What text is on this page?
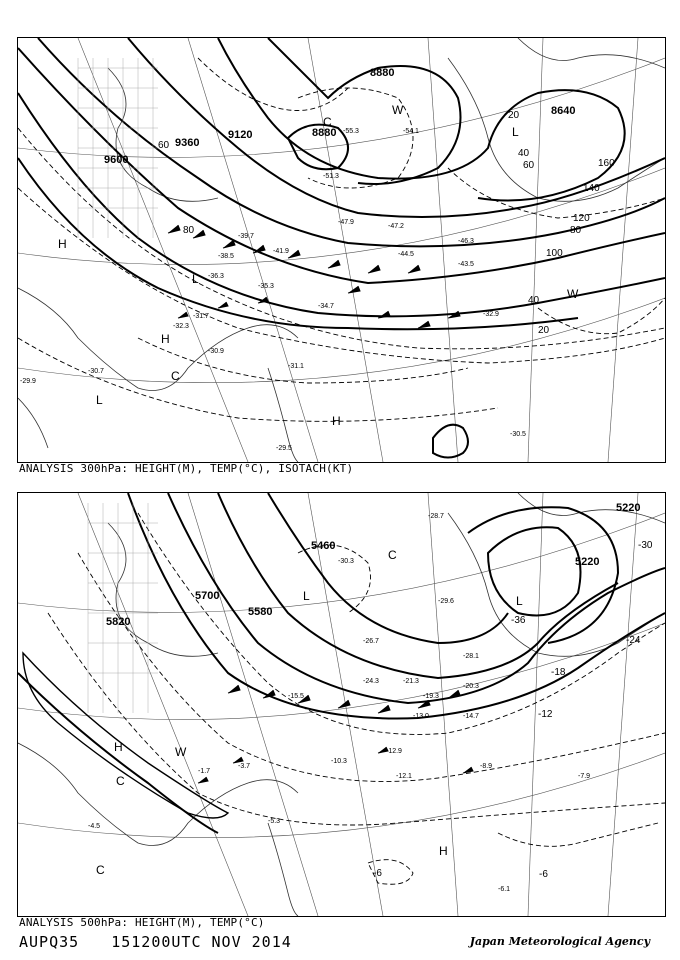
9600
9360
9120
8880
8880
8640
20
40
60
80
100
120
140
160
80
60
40
20
-55.3	-54.1
-51.3
-47.9
-47.2
-46.3
-44.5
-43.5
-41.9
-39.7
-38.5
-36.3
-35.3
-34.7
-32.9
-32.3
-31.7
-31.1
-30.9
-30.7
-30.5
-29.5
-29.9
H
H
H
L
L
L
C
C
W
W
ANALYSIS 300hPa: HEIGHT(M), TEMP(°C), ISOTACH(KT)
5820
5700
5580
5460
5220
5220
-30
-24
-18
-12
-6
-36
-6
-28.7
-30.3
-29.6
-26.7
-24.3	-21.3
-19.3
-15.5
-13.0
-12.9
-12.1
-10.3
-8.9
-7.9
-6.1
-5.3
-4.5
-3.7
-1.7
-28.1
-20.3
-14.7
H
H
L	L
C
C
C
W
ANALYSIS 500hPa: HEIGHT(M), TEMP(°C)
AUPQ35 151200UTC NOV 2014	Japan Meteorological Agency
